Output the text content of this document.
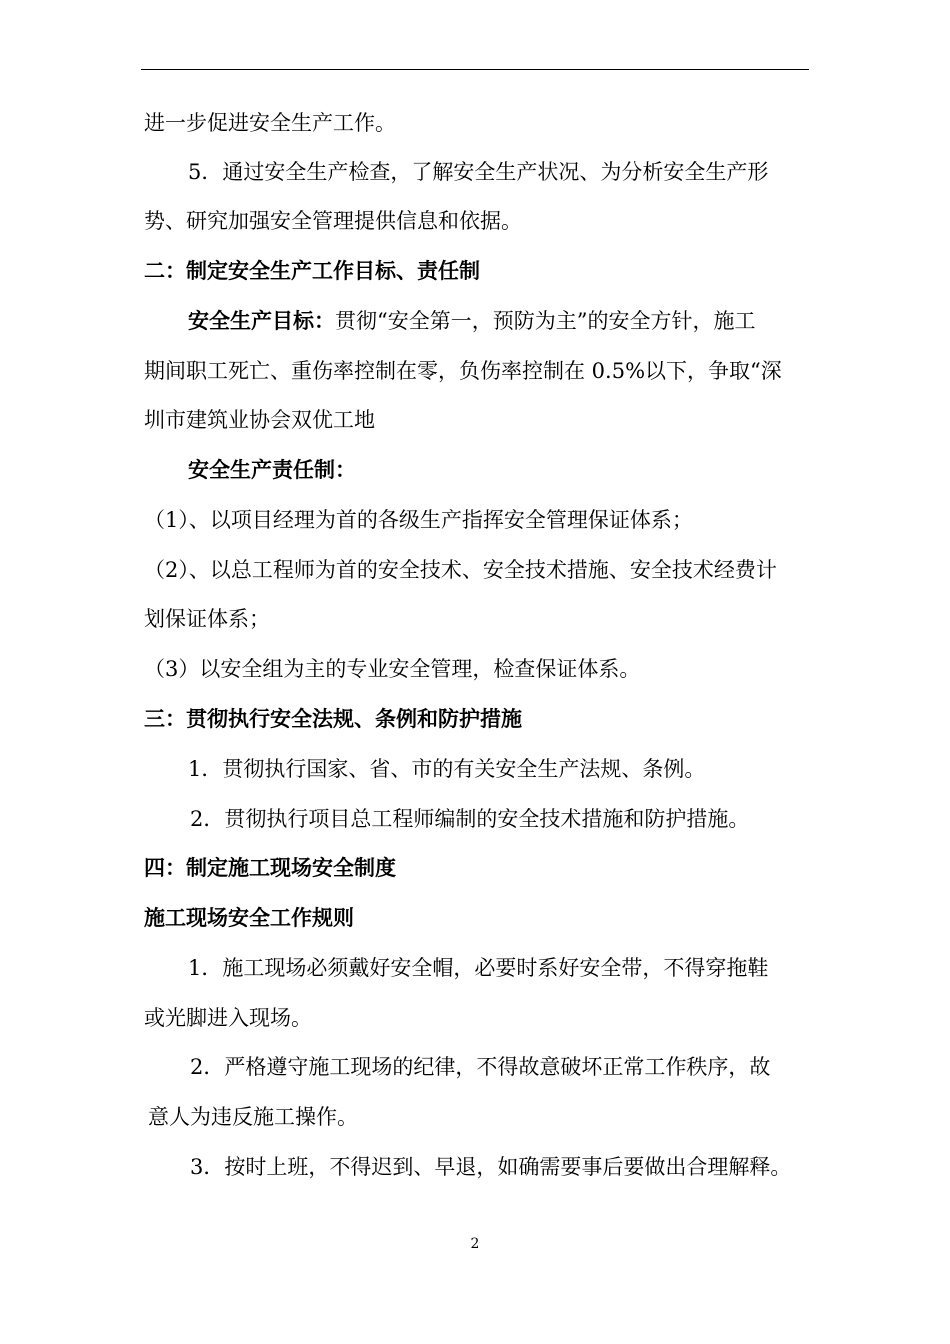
进一步促进安全生产工作。
5．通过安全生产检查，了解安全生产状况、为分析安全生产形
势、研究加强安全管理提供信息和依据。
二：制定安全生产工作目标、责任制
安全生产目标：贯彻“安全第一，预防为主”的安全方针，施工
期间职工死亡、重伤率控制在零，负伤率控制在 0.5%以下，争取“深
圳市建筑业协会双优工地
安全生产责任制：
（1）、以项目经理为首的各级生产指挥安全管理保证体系；
（2）、以总工程师为首的安全技术、安全技术措施、安全技术经费计
划保证体系；
（3）以安全组为主的专业安全管理，检查保证体系。
三：贯彻执行安全法规、条例和防护措施
1．贯彻执行国家、省、市的有关安全生产法规、条例。
2．贯彻执行项目总工程师编制的安全技术措施和防护措施。
四：制定施工现场安全制度
施工现场安全工作规则
1．施工现场必须戴好安全帽，必要时系好安全带，不得穿拖鞋
或光脚进入现场。
2．严格遵守施工现场的纪律，不得故意破坏正常工作秩序，故
意人为违反施工操作。
3．按时上班，不得迟到、早退，如确需要事后要做出合理解释。
2
